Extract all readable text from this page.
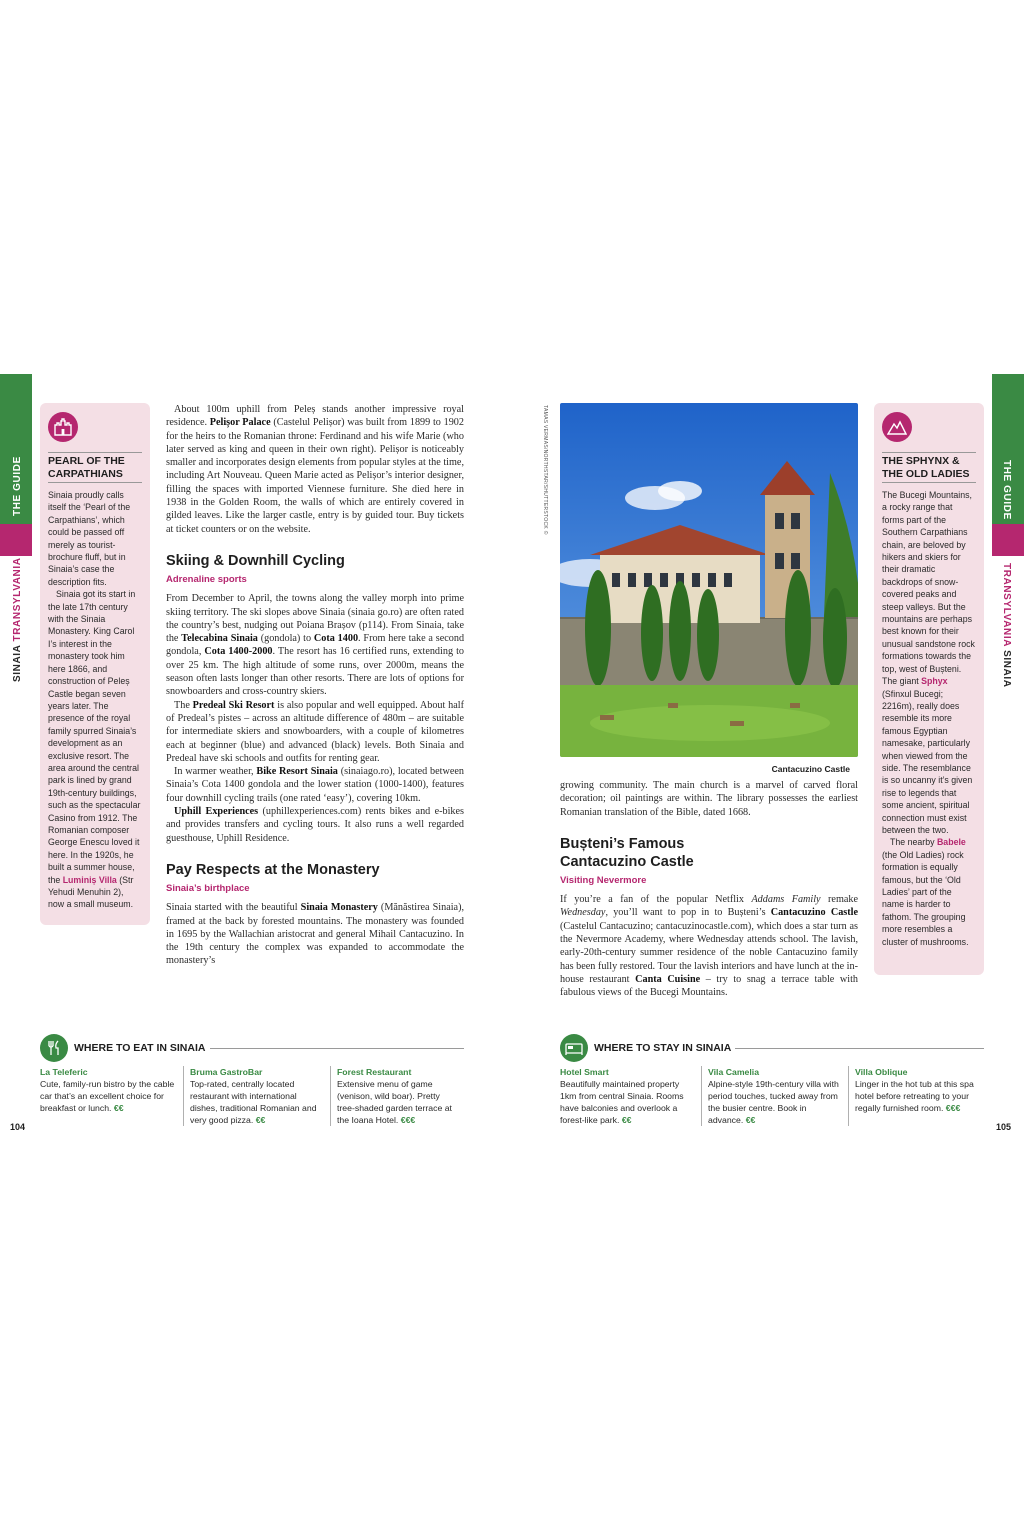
THE GUIDE
SINAIA TRANSYLVANIA
PEARL OF THE CARPATHIANS

Sinaia proudly calls itself the ‘Pearl of the Carpathians’, which could be passed off merely as tourist-brochure fluff, but in Sinaia’s case the description fits.

Sinaia got its start in the late 17th century with the Sinaia Monastery. King Carol I’s interest in the monastery took him here 1866, and construction of Peleș Castle began seven years later. The presence of the royal family spurred Sinaia’s development as an exclusive resort. The area around the central park is lined by grand 19th-century buildings, such as the spectacular Casino from 1912. The Romanian composer George Enescu loved it here. In the 1920s, he built a summer house, the Luminiș Villa (Str Yehudi Menuhin 2), now a small museum.

About 100m uphill from Peleș stands another impressive royal residence. Pelișor Palace (Castelul Pelișor) was built from 1899 to 1902 for the heirs to the Romanian throne: Ferdinand and his wife Marie (who later served as king and queen in their own right). Pelișor is noticeably smaller and incorporates design elements from popular styles at the time, including Art Nouveau. Queen Marie acted as Pelișor’s interior designer, filling the spaces with imported Viennese furniture. She died here in 1938 in the Golden Room, the walls of which are entirely covered in gilded leaves. Like the larger castle, entry is by guided tour. Buy tickets at ticket counters or on the website.

Skiing & Downhill Cycling
Adrenaline sports

From December to April, the towns along the valley morph into prime skiing territory. The ski slopes above Sinaia (sinaia go.ro) are often rated the country’s best, nudging out Poiana Brașov (p114). From Sinaia, take the Telecabina Sinaia (gondola) to Cota 1400. From here take a second gondola, Cota 1400-2000. The resort has 16 certified runs, extending to over 25 km. The high altitude of some runs, over 2000m, means the season often lasts longer than other resorts. There are lots of options for snowboarders and cross-country skiers.

The Predeal Ski Resort is also popular and well equipped. About half of Predeal’s pistes – across an altitude difference of 480m – are suitable for intermediate skiers and snowboarders, with a couple of kilometres each at beginner (blue) and advanced (black) levels. Both Sinaia and Predeal have ski schools and outfits for renting gear.

In warmer weather, Bike Resort Sinaia (sinaiago.ro), located between Sinaia’s Cota 1400 gondola and the lower station (1000-1400), features four downhill cycling trails (one rated ‘easy’), covering 10km.

Uphill Experiences (uphillexperiences.com) rents bikes and e-bikes and provides transfers and cycling tours. It also runs a well regarded guesthouse, Uphill Residence.

Pay Respects at the Monastery
Sinaia’s birthplace

Sinaia started with the beautiful Sinaia Monastery (Mănăstirea Sinaia), framed at the back by forested mountains. The monastery was founded in 1695 by the Wallachian aristocrat and general Mihail Cantacuzino. In the 19th century the complex was expanded to accommodate the monastery’s

WHERE TO EAT IN SINAIA
La Teleferic
Cute, family-run bistro by the cable car that’s an excellent choice for breakfast or lunch. €€
Bruma GastroBar
Top-rated, centrally located restaurant with international dishes, traditional Romanian and very good pizza. €€
Forest Restaurant
Extensive menu of game (venison, wild boar). Pretty tree-shaded garden terrace at the Ioana Hotel. €€€
104
TAMAS VERMAS/NORTHSTAR/SHUTTERSTOCK ©
Cantacuzino Castle

growing community. The main church is a marvel of carved floral decoration; oil paintings are within. The library possesses the earliest Romanian translation of the Bible, dated 1668.

Bușteni’s Famous Cantacuzino Castle
Visiting Nevermore

If you’re a fan of the popular Netflix Addams Family remake Wednesday, you’ll want to pop in to Bușteni’s Cantacuzino Castle (Castelul Cantacuzino; cantacuzinocastle.com), which does a star turn as the Nevermore Academy, where Wednesday attends school. The lavish, early-20th-century summer residence of the noble Cantacuzino family has been fully restored. Tour the lavish interiors and have lunch at the in-house restaurant Canta Cuisine – try to snag a terrace table with fabulous views of the Bucegi Mountains.

THE SPHYNX & THE OLD LADIES

The Bucegi Mountains, a rocky range that forms part of the Southern Carpathians chain, are beloved by hikers and skiers for their dramatic backdrops of snow-covered peaks and steep valleys. But the mountains are perhaps best known for their unusual sandstone rock formations towards the top, west of Bușteni. The giant Sphyx (Sfinxul Bucegi; 2216m), really does resemble its more famous Egyptian namesake, particularly when viewed from the side. The resemblance is so uncanny it’s given rise to legends that some ancient, spiritual connection must exist between the two.

The nearby Babele (the Old Ladies) rock formation is equally famous, but the ‘Old Ladies’ part of the name is harder to fathom. The grouping more resembles a cluster of mushrooms.

THE GUIDE
TRANSYLVANIA SINAIA
WHERE TO STAY IN SINAIA
Hotel Smart
Beautifully maintained property 1km from central Sinaia. Rooms have balconies and overlook a forest-like park. €€
Vila Camelia
Alpine-style 19th-century villa with period touches, tucked away from the busier centre. Book in advance. €€
Villa Oblique
Linger in the hot tub at this spa hotel before retreating to your regally furnished room. €€€
105
